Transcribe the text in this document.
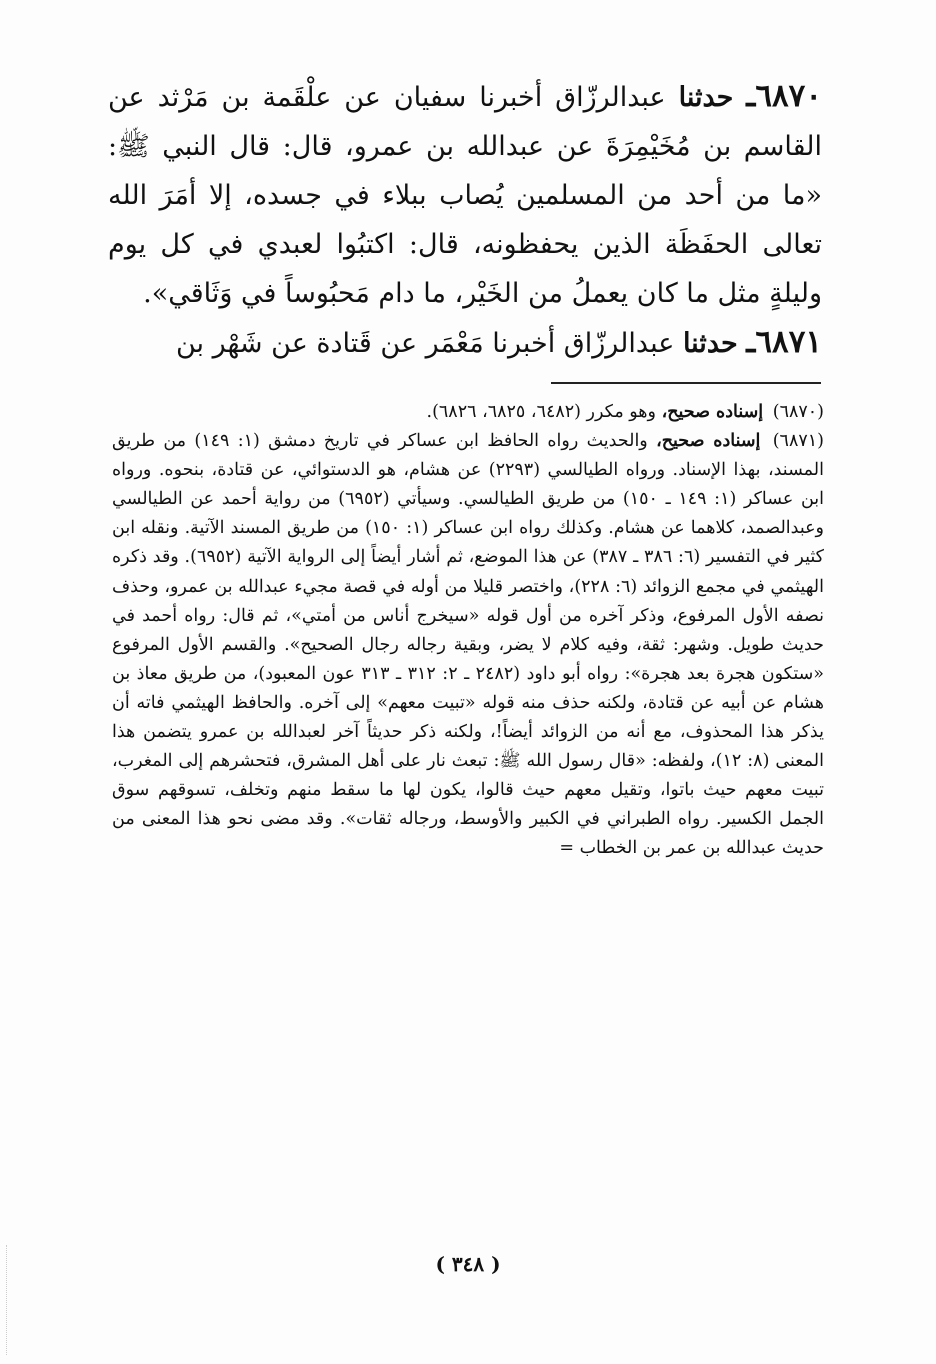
٦٨٧٠ـ حدثنا عبدالرزّاق أخبرنا سفيان عن علْقَمة بن مَرْثد عن القاسم بن مُخَيْمِرَةَ عن عبدالله بن عمرو، قال: قال النبي ﷺ: «ما من أحد من المسلمين يُصاب ببلاء في جسده، إلا أمَرَ الله تعالى الحفَظَة الذين يحفظونه، قال: اكتبُوا لعبدي في كل يوم وليلةٍ مثل ما كان يعملُ من الخَيْر، ما دام مَحبُوساً في وَثَاقي».

٦٨٧١ـ حدثنا عبدالرزّاق أخبرنا مَعْمَر عن قَتادة عن شَهْر بن

(٦٨٧٠) إسناده صحيح، وهو مكرر (٦٤٨٢، ٦٨٢٥، ٦٨٢٦).

(٦٨٧١) إسناده صحيح، والحديث رواه الحافظ ابن عساكر في تاريخ دمشق (١: ١٤٩) من طريق المسند، بهذا الإسناد. ورواه الطيالسي (٢٢٩٣) عن هشام، هو الدستوائي، عن قتادة، بنحوه. ورواه ابن عساكر (١: ١٤٩ ـ ١٥٠) من طريق الطيالسي. وسيأتي (٦٩٥٢) من رواية أحمد عن الطيالسي وعبدالصمد، كلاهما عن هشام. وكذلك رواه ابن عساكر (١: ١٥٠) من طريق المسند الآتية. ونقله ابن كثير في التفسير (٦: ٣٨٦ ـ ٣٨٧) عن هذا الموضع، ثم أشار أيضاً إلى الرواية الآتية (٦٩٥٢). وقد ذكره الهيثمي في مجمع الزوائد (٦: ٢٢٨)، واختصر قليلا من أوله في قصة مجيء عبدالله بن عمرو، وحذف نصفه الأول المرفوع، وذكر آخره من أول قوله «سيخرج أناس من أمتي»، ثم قال: رواه أحمد في حديث طويل. وشهر: ثقة، وفيه كلام لا يضر، وبقية رجاله رجال الصحيح». والقسم الأول المرفوع «ستكون هجرة بعد هجرة»: رواه أبو داود (٢٤٨٢ ـ ٢: ٣١٢ ـ ٣١٣ عون المعبود)، من طريق معاذ بن هشام عن أبيه عن قتادة، ولكنه حذف منه قوله «تبيت معهم» إلى آخره. والحافظ الهيثمي فاته أن يذكر هذا المحذوف، مع أنه من الزوائد أيضاً!، ولكنه ذكر حديثاً آخر لعبدالله بن عمرو يتضمن هذا المعنى (٨: ١٢)، ولفظه: «قال رسول الله ﷺ: تبعث نار على أهل المشرق، فتحشرهم إلى المغرب، تبيت معهم حيث باتوا، وتقيل معهم حيث قالوا، يكون لها ما سقط منهم وتخلف، تسوقهم سوق الجمل الكسير. رواه الطبراني في الكبير والأوسط، ورجاله ثقات». وقد مضى نحو هذا المعنى من حديث عبدالله بن عمر بن الخطاب =

( ٣٤٨ )
